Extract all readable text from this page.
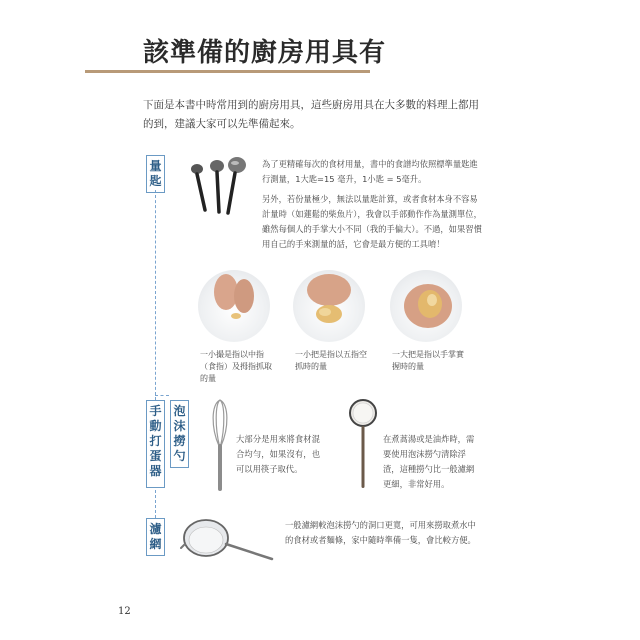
該準備的廚房用具有
下面是本書中時常用到的廚房用具，這些廚房用具在大多數的料理上都用的到，建議大家可以先準備起來。
量
匙
為了更精確每次的食材用量，書中的食譜均依照標準量匙進行測量，1大匙=15 毫升，1小匙 = 5毫升。
另外，若份量極少，無法以量匙計算，或者食材本身不容易計量時（如蓮鬆的柴魚片），我會以手部動作作為量測單位，雖然每個人的手掌大小不同（我的手偏大）。不過，如果習慣用自己的手來測量的話，它會是最方便的工具唷！
一小撮是指以中指（食指）及拇指抓取的量
一小把是指以五指空抓時的量
一大把是指以手掌實握時的量
手
動
打
蛋
器
大部分是用來將食材混合均勻，如果沒有，也可以用筷子取代。
泡
沫
撈
勺
在煮蒿湯或是油炸時，需要使用泡沫撈勺清除浮渣，這種撈勺比一般濾網更細，非常好用。
濾
網
一般濾網較泡沫撈勺的洞口更寬，可用來撈取煮水中的食材或者麵條，家中隨時準備一隻，會比較方便。
12
